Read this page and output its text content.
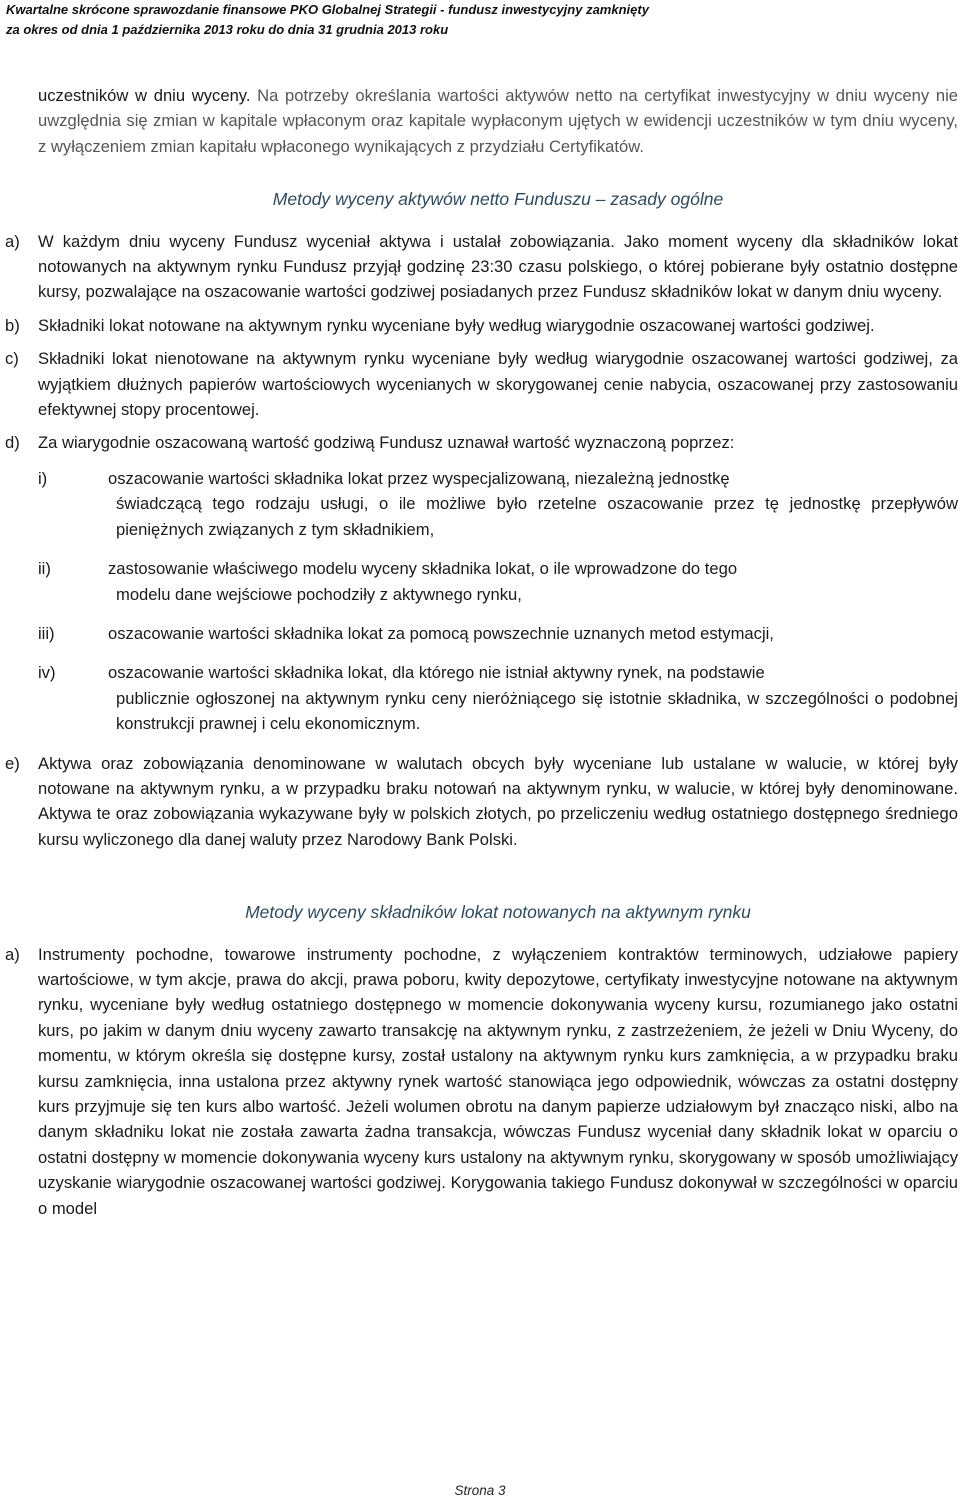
Kwartalne skrócone sprawozdanie finansowe PKO Globalnej Strategii - fundusz inwestycyjny zamknięty
za okres od dnia 1 października 2013 roku do dnia 31 grudnia 2013 roku

uczestników w dniu wyceny. Na potrzeby określania wartości aktywów netto na certyfikat inwestycyjny w dniu wyceny nie uwzględnia się zmian w kapitale wpłaconym oraz kapitale wypłaconym ujętych w ewidencji uczestników w tym dniu wyceny, z wyłączeniem zmian kapitału wpłaconego wynikających z przydziału Certyfikatów.

Metody wyceny aktywów netto Funduszu – zasady ogólne
a) W każdym dniu wyceny Fundusz wyceniał aktywa i ustalał zobowiązania. Jako moment wyceny dla składników lokat notowanych na aktywnym rynku Fundusz przyjął godzinę 23:30 czasu polskiego, o której pobierane były ostatnio dostępne kursy, pozwalające na oszacowanie wartości godziwej posiadanych przez Fundusz składników lokat w danym dniu wyceny.

b) Składniki lokat notowane na aktywnym rynku wyceniane były według wiarygodnie oszacowanej wartości godziwej.

c) Składniki lokat nienotowane na aktywnym rynku wyceniane były według wiarygodnie oszacowanej wartości godziwej, za wyjątkiem dłużnych papierów wartościowych wycenianych w skorygowanej cenie nabycia, oszacowanej przy zastosowaniu efektywnej stopy procentowej.

d) Za wiarygodnie oszacowaną wartość godziwą Fundusz uznawał wartość wyznaczoną poprzez:

i)	oszacowanie wartości składnika lokat przez wyspecjalizowaną, niezależną jednostkę
świadczącą tego rodzaju usługi, o ile możliwe było rzetelne oszacowanie przez tę jednostkę przepływów pieniężnych związanych z tym składnikiem,
ii)	zastosowanie właściwego modelu wyceny składnika lokat, o ile wprowadzone do tego
modelu dane wejściowe pochodziły z aktywnego rynku,
iii)	oszacowanie wartości składnika lokat za pomocą powszechnie uznanych metod estymacji,
iv)	oszacowanie wartości składnika lokat, dla którego nie istniał aktywny rynek, na podstawie
publicznie ogłoszonej na aktywnym rynku ceny nieróżniącego się istotnie składnika, w szczególności o podobnej konstrukcji prawnej i celu ekonomicznym.
e) Aktywa oraz zobowiązania denominowane w walutach obcych były wyceniane lub ustalane w walucie, w której były notowane na aktywnym rynku, a w przypadku braku notowań na aktywnym rynku, w walucie, w której były denominowane. Aktywa te oraz zobowiązania wykazywane były w polskich złotych, po przeliczeniu według ostatniego dostępnego średniego kursu wyliczonego dla danej waluty przez Narodowy Bank Polski.

Metody wyceny składników lokat notowanych na aktywnym rynku
a) Instrumenty pochodne, towarowe instrumenty pochodne, z wyłączeniem kontraktów terminowych, udziałowe papiery wartościowe, w tym akcje, prawa do akcji, prawa poboru, kwity depozytowe, certyfikaty inwestycyjne notowane na aktywnym rynku, wyceniane były według ostatniego dostępnego w momencie dokonywania wyceny kursu, rozumianego jako ostatni kurs, po jakim w danym dniu wyceny zawarto transakcję na aktywnym rynku, z zastrzeżeniem, że jeżeli w Dniu Wyceny, do momentu, w którym określa się dostępne kursy, został ustalony na aktywnym rynku kurs zamknięcia, a w przypadku braku kursu zamknięcia, inna ustalona przez aktywny rynek wartość stanowiąca jego odpowiednik, wówczas za ostatni dostępny kurs przyjmuje się ten kurs albo wartość. Jeżeli wolumen obrotu na danym papierze udziałowym był znacząco niski, albo na danym składniku lokat nie została zawarta żadna transakcja, wówczas Fundusz wyceniał dany składnik lokat w oparciu o ostatni dostępny w momencie dokonywania wyceny kurs ustalony na aktywnym rynku, skorygowany w sposób umożliwiający uzyskanie wiarygodnie oszacowanej wartości godziwej. Korygowania takiego Fundusz dokonywał w szczególności w oparciu o model

Strona 3
